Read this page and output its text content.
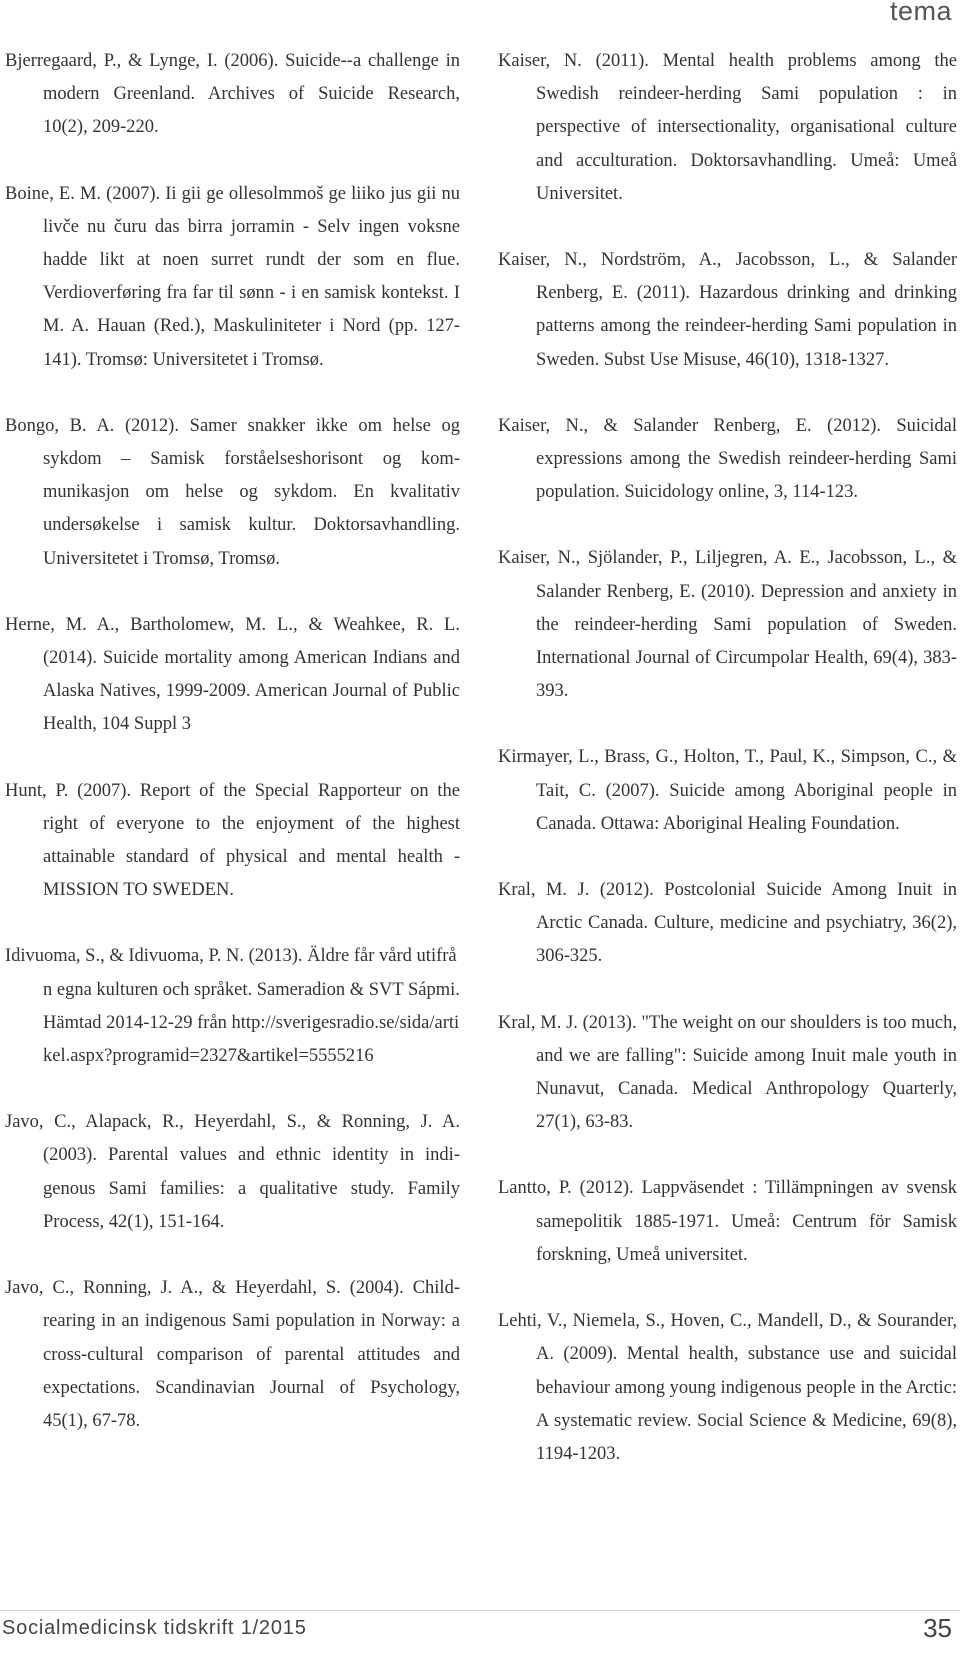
tema

Bjerregaard, P., & Lynge, I. (2006). Suicide--a challenge in modern Greenland. Archives of Suicide Research, 10(2), 209-220.

Boine, E. M. (2007). Ii gii ge ollesolmmoš ge liiko jus gii nu livče nu čuru das birra jorramin - Selv ingen voksne hadde likt at noen surret rundt der som en flue. Verdioverføring fra far til sønn - i en samisk kontekst. I M. A. Hauan (Red.), Maskuliniteter i Nord (pp. 127-141). Tromsø: Universitetet i Tromsø.

Bongo, B. A. (2012). Samer snakker ikke om helse og sykdom – Samisk forståelseshorisont og kommunikasjon om helse og sykdom. En kvalitativ undersøkelse i samisk kultur. Doktorsavhandling. Universitetet i Tromsø, Tromsø.

Herne, M. A., Bartholomew, M. L., & Weahkee, R. L. (2014). Suicide mortality among American Indians and Alaska Natives, 1999-2009. American Journal of Public Health, 104 Suppl 3

Hunt, P. (2007). Report of the Special Rapporteur on the right of everyone to the enjoyment of the highest attainable standard of physical and mental health - MISSION TO SWEDEN.

Idivuoma, S., & Idivuoma, P. N. (2013). Äldre får vård utifrån egna kulturen och språket. Sameradion & SVT Sápmi. Hämtad 2014-12-29 från http://sverigesradio.se/sida/artikel.aspx?programid=2327&artikel=5555216

Javo, C., Alapack, R., Heyerdahl, S., & Ronning, J. A. (2003). Parental values and ethnic identity in indigenous Sami families: a qualitative study. Family Process, 42(1), 151-164.

Javo, C., Ronning, J. A., & Heyerdahl, S. (2004). Childrearing in an indigenous Sami population in Norway: a cross-cultural comparison of parental attitudes and expectations. Scandinavian Journal of Psychology, 45(1), 67-78.

Kaiser, N. (2011). Mental health problems among the Swedish reindeer-herding Sami population : in perspective of intersectionality, organisational culture and acculturation. Doktorsavhandling. Umeå: Umeå Universitet.

Kaiser, N., Nordström, A., Jacobsson, L., & Salander Renberg, E. (2011). Hazardous drinking and drinking patterns among the reindeer-herding Sami population in Sweden. Subst Use Misuse, 46(10), 1318-1327.

Kaiser, N., & Salander Renberg, E. (2012). Suicidal expressions among the Swedish reindeer-herding Sami population. Suicidology online, 3, 114-123.

Kaiser, N., Sjölander, P., Liljegren, A. E., Jacobsson, L., & Salander Renberg, E. (2010). Depression and anxiety in the reindeer-herding Sami population of Sweden. International Journal of Circumpolar Health, 69(4), 383-393.

Kirmayer, L., Brass, G., Holton, T., Paul, K., Simpson, C., & Tait, C. (2007). Suicide among Aboriginal people in Canada. Ottawa: Aboriginal Healing Foundation.

Kral, M. J. (2012). Postcolonial Suicide Among Inuit in Arctic Canada. Culture, medicine and psychiatry, 36(2), 306-325.

Kral, M. J. (2013). "The weight on our shoulders is too much, and we are falling": Suicide among Inuit male youth in Nunavut, Canada. Medical Anthropology Quarterly, 27(1), 63-83.

Lantto, P. (2012). Lappväsendet : Tillämpningen av svensk samepolitik 1885-1971. Umeå: Centrum för Samisk forskning, Umeå universitet.

Lehti, V., Niemela, S., Hoven, C., Mandell, D., & Sourander, A. (2009). Mental health, substance use and suicidal behaviour among young indigenous people in the Arctic: A systematic review. Social Science & Medicine, 69(8), 1194-1203.

Socialmedicinsk tidskrift 1/2015	35
